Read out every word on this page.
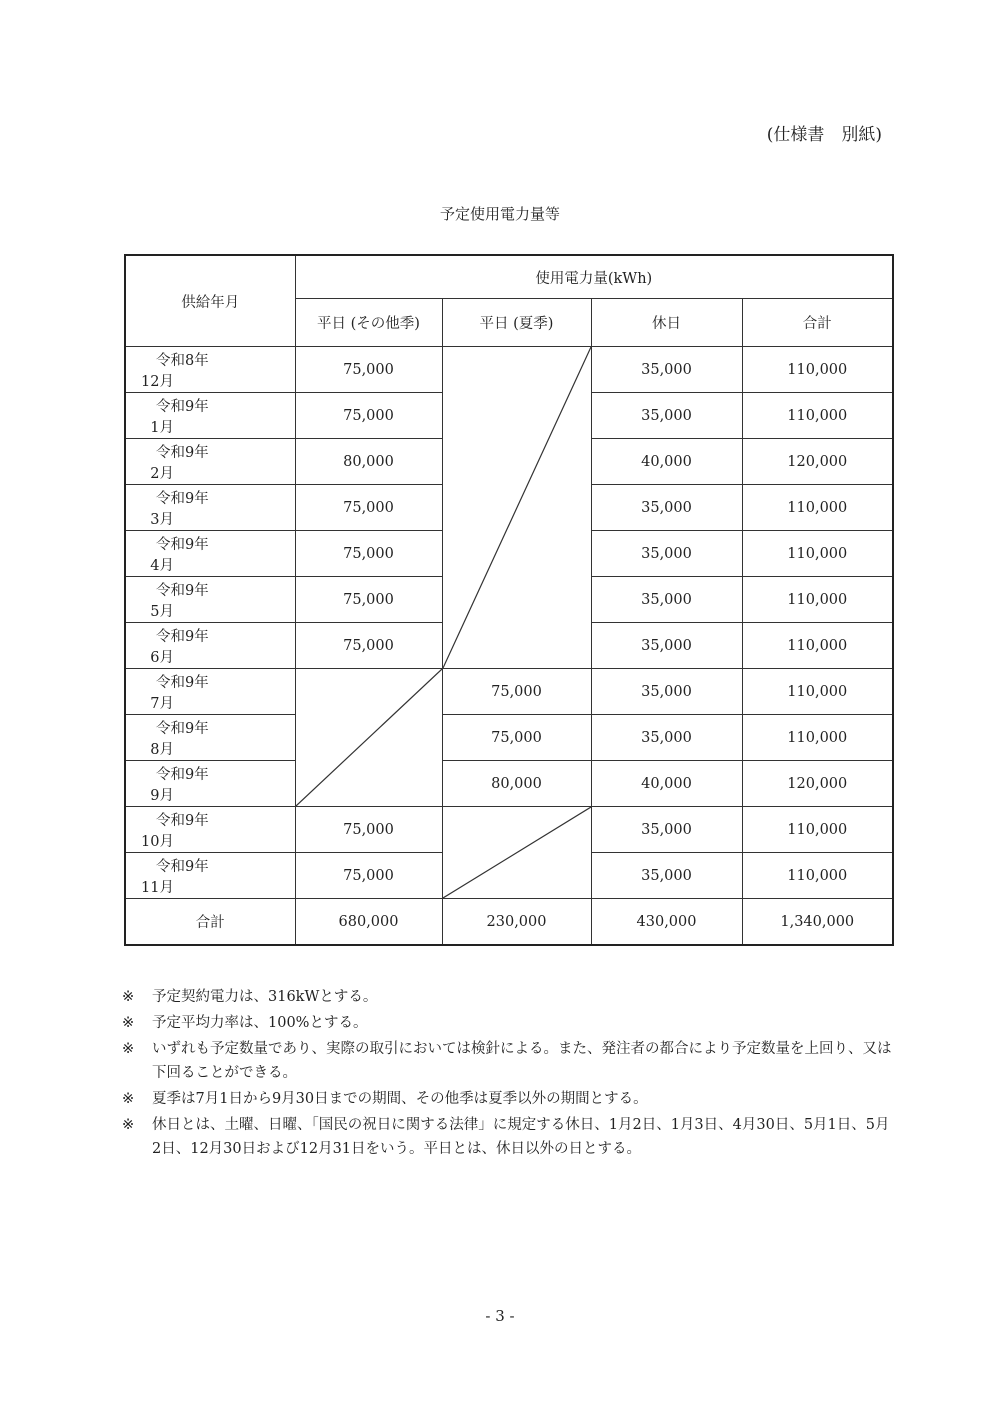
(仕様書　別紙)
予定使用電力量等
供給年月	使用電力量(kWh)			
	平日 (その他季)	平日 (夏季)	休日	合計
令和8年12月	75,000		35,000	110,000
令和9年1月	75,000		35,000	110,000
令和9年2月	80,000		40,000	120,000
令和9年3月	75,000		35,000	110,000
令和9年4月	75,000		35,000	110,000
令和9年5月	75,000		35,000	110,000
令和9年6月	75,000		35,000	110,000
令和9年7月		75,000	35,000	110,000
令和9年8月		75,000	35,000	110,000
令和9年9月		80,000	40,000	120,000
令和9年10月	75,000		35,000	110,000
令和9年11月	75,000		35,000	110,000
合計	680,000	230,000	430,000	1,340,000
※	予定契約電力は、316kWとする。
※	予定平均力率は、100%とする。
※	いずれも予定数量であり、実際の取引においては検針による。また、発注者の都合により予定数量を上回り、又は下回ることができる。
※	夏季は7月1日から9月30日までの期間、その他季は夏季以外の期間とする。
※	休日とは、土曜、日曜、「国民の祝日に関する法律」に規定する休日、1月2日、1月3日、4月30日、5月1日、5月2日、12月30日および12月31日をいう。平日とは、休日以外の日とする。
- 3 -
